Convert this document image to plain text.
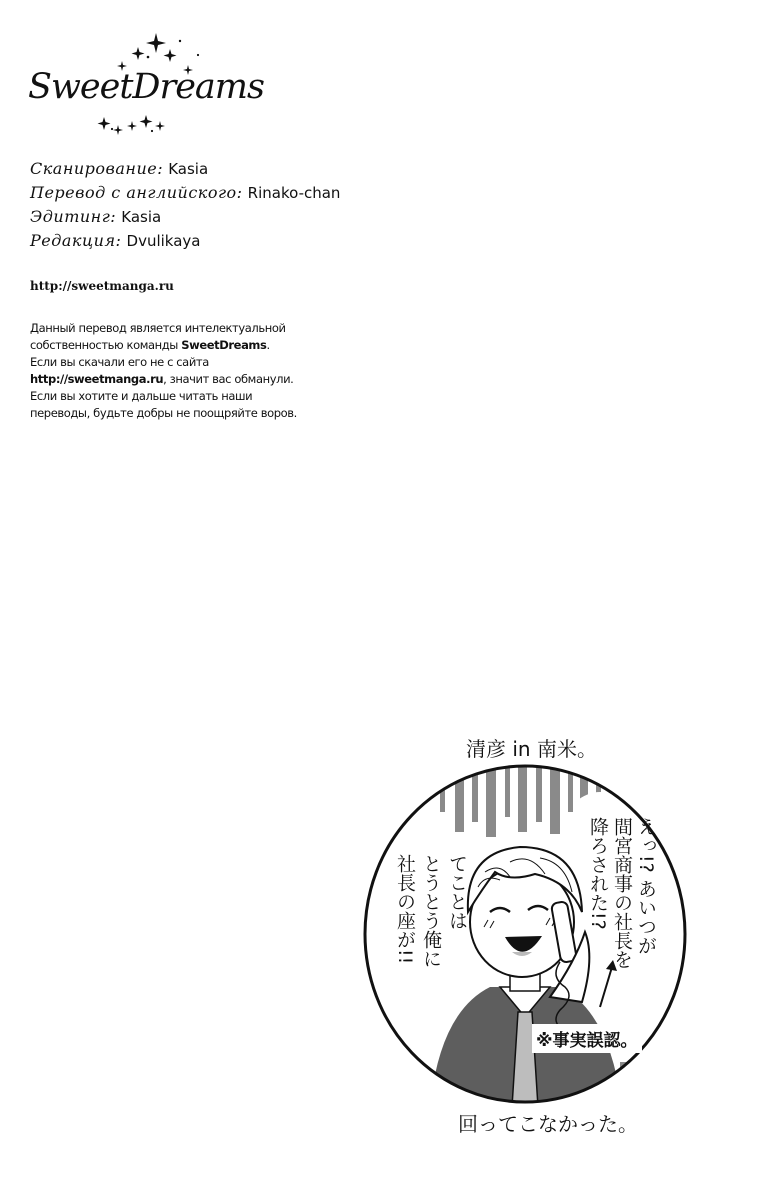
SweetDreams
Сканирование: Kasia
Перевод с английского: Rinako-chan
Эдитинг: Kasia
Редакция: Dvulikaya
http://sweetmanga.ru
Данный перевод является интелектуальной
собственностью команды SweetDreams.
Если вы скачали его не с сайта
http://sweetmanga.ru, значит вас обманули.
Если вы хотите и дальше читать наши
переводы, будьте добры не поощряйте воров.
清彦 in 南米。
えっ!? あいつが
間宮商事の社長を
降ろされた!?
てことは
とうとう俺に
社長の座が!!
※事実誤認。
回ってこなかった。
